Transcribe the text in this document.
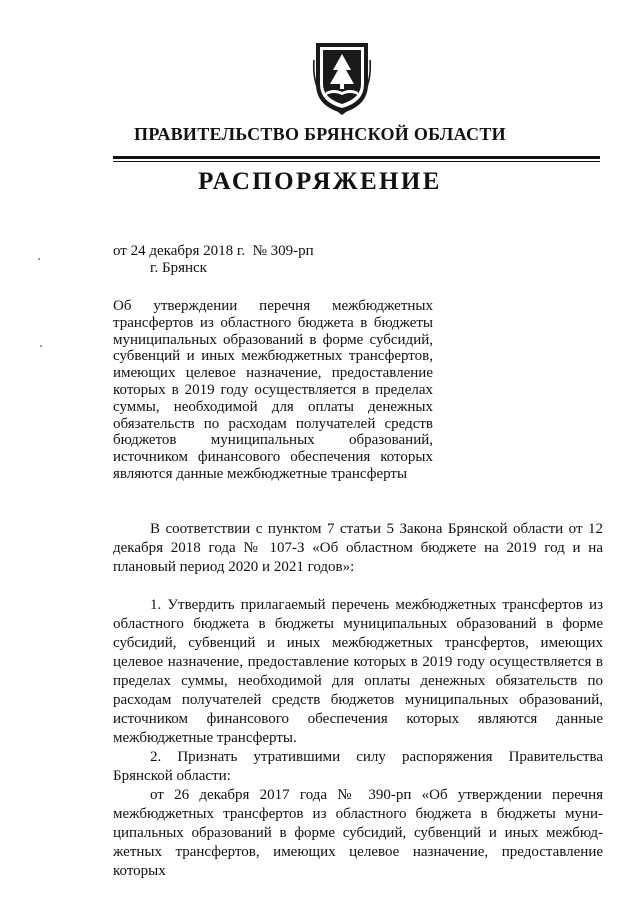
ПРАВИТЕЛЬСТВО БРЯНСКОЙ ОБЛАСТИ
РАСПОРЯЖЕНИЕ
от 24 декабря 2018 г.  № 309-рп
г. Брянск
Об утверждении перечня межбюджетных
трансфертов из областного бюджета в бюджеты
муниципальных образований в форме субсидий,
субвенций и иных межбюджетных трансфертов,
имеющих целевое назначение, предоставление
которых в 2019 году осуществляется в пределах
суммы, необходимой для оплаты денежных
обязательств по расходам получателей средств
бюджетов муниципальных образований,
источником финансового обеспечения которых
являются данные межбюджетные трансферты

В соответствии с пунктом 7 статьи 5 Закона Брянской области от 12 декабря 2018 года № 107-З «Об областном бюджете на 2019 год и на плановый период 2020 и 2021 годов»:

1. Утвердить прилагаемый перечень межбюджетных трансфертов из областного бюджета в бюджеты муниципальных образований в форме субсидий, субвенций и иных межбюджетных трансфертов, имеющих целевое назначение, предоставление которых в 2019 году осуществляется в пределах суммы, необходимой для оплаты денежных обязательств по расходам получателей средств бюджетов муниципальных образований, источником финансового обеспечения которых являются данные межбюджетные трансферты.

2. Признать утратившими силу распоряжения Правительства Брянской области:

от 26 декабря 2017 года № 390-рп «Об утверждении перечня межбюджетных трансфертов из областного бюджета в бюджеты муни-ципальных образований в форме субсидий, субвенций и иных межбюд-жетных трансфертов, имеющих целевое назначение, предоставление которых
